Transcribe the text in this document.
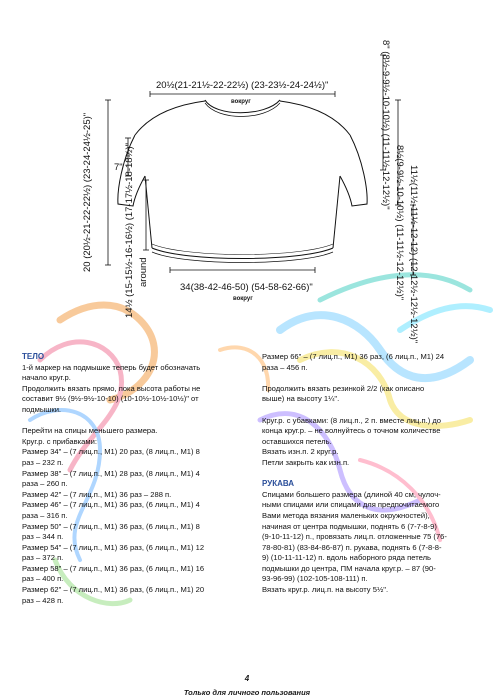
20½(21-21½-22-22½) (23-23½-24-24½)"
вокруг
20 (20½-21-22-22½) (23-24-24½-25)" 7" 14½ (15-15½-16-16½) (17-17½-18-18½)" around
34(38-42-46-50) (54-58-62-66)"
вокруг
8" (8½-9-9½-10-10½) (11-11½-12-12½)"
8½(9-9½-10-10½) (11-11½-12-12½)" 11½(11½-11½-12-12) (12-12½-12½-12½)"

ТЕЛО

1-й маркер на подмышке теперь будет обозначать

начало круг.р.

Продолжить вязать прямо, пока высота работы не

составит 9½ (9½-9½-10-10) (10-10½-10½-10½)" от

подмышки.

Перейти на спицы меньшего размера.

Круг.р. с прибавками:

Размер 34" – (7 лиц.п., М1) 20 раз, (8 лиц.п., М1) 8

раз – 232 п.

Размер 38" – (7 лиц.п., М1) 28 раз, (8 лиц.п., М1) 4

раза – 260 п.

Размер 42" – (7 лиц.п., М1) 36 раз – 288 п.

Размер 46" – (7 лиц.п., М1) 36 раз, (6 лиц.п., М1) 4

раза – 316 п.

Размер 50" – (7 лиц.п., М1) 36 раз, (6 лиц.п., М1) 8

раз – 344 п.

Размер 54" – (7 лиц.п., М1) 36 раз, (6 лиц.п., М1) 12

раз – 372 п.

Размер 58" – (7 лиц.п., М1) 36 раз, (6 лиц.п., М1) 16

раз – 400 п.

Размер 62" – (7 лиц.п., М1) 36 раз, (6 лиц.п., М1) 20

раз – 428 п.

Размер 66" – (7 лиц.п., М1) 36 раз, (6 лиц.п., М1) 24

раза – 456 п.

Продолжить вязать резинкой 2/2 (как описано

выше) на высоту 1¼".

Круг.р. с убавками: (8 лиц.п., 2 п. вместе лиц.п.) до

конца круг.р. – не волнуйтесь о точном количестве

оставшихся петель.

Вязать изн.п. 2 круг.р.

Петли закрыть как изн.п.

РУКАВА

Спицами большего размера (длиной 40 см, чулоч-

ными спицами или спицами для предпочитаемого

Вами метода вязания маленьких окружностей),

начиная от центра подмышки, поднять 6 (7-7-8-9)

(9-10-11-12) п., провязать лиц.п. отложенные 75 (76-

78-80-81) (83-84-86-87) п. рукава, поднять 6 (7-8-8-

9) (10-11-11-12) п. вдоль наборного ряда петель

подмышки до центра, ПМ начала круг.р. – 87 (90-

93-96-99) (102-105-108-111) п.

Вязать круг.р. лиц.п. на высоту 5½".

4
Только для личного пользования
